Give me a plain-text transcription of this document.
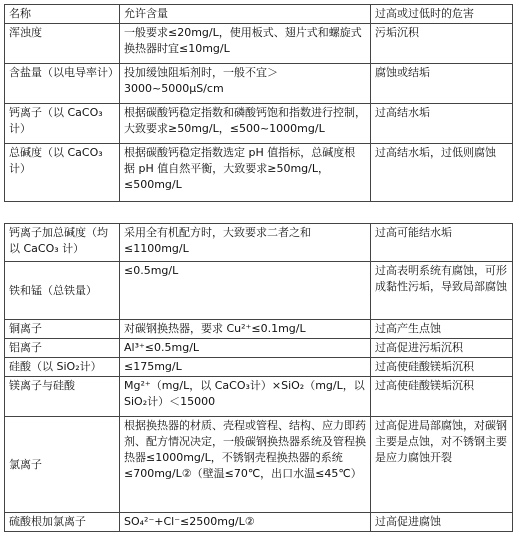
名称	允许含量	过高或过低时的危害
浑浊度	一般要求≤20mg/L，使用板式、翅片式和螺旋式换热器时宜≤10mg/L	污垢沉积
含盐量（以电导率计）	投加缓蚀阻垢剂时，一般不宜＞3000~5000μS/cm	腐蚀或结垢
钙离子（以 CaCO₃计）	根据碳酸钙稳定指数和磷酸钙饱和指数进行控制，大致要求≥50mg/L，≤500~1000mg/L	过高结水垢
总碱度（以 CaCO₃计）	根据碳酸钙稳定指数选定 pH 值指标，总碱度根据 pH 值自然平衡，大致要求≥50mg/L，≤500mg/L	过高结水垢，过低则腐蚀
钙离子加总碱度（均以 CaCO₃ 计）	采用全有机配方时，大致要求二者之和≤1100mg/L	过高可能结水垢
铁和锰（总铁量）	≤0.5mg/L	过高表明系统有腐蚀，可形成黏性污垢，导致局部腐蚀
铜离子	对碳钢换热器，要求 Cu²⁺≤0.1mg/L	过高产生点蚀
铝离子	Al³⁺≤0.5mg/L	过高促进污垢沉积
硅酸（以 SiO₂计）	≤175mg/L	过高使硅酸镁垢沉积
镁离子与硅酸	Mg²⁺（mg/L，以 CaCO₃计）×SiO₂（mg/L，以 SiO₂计）＜15000	过高使硅酸镁垢沉积
氯离子	根据换热器的材质、壳程或管程、结构、应力即药剂、配方情况决定，一般碳钢换热器系统及管程换热器≤1000mg/L，不锈钢壳程换热器的系统≤700mg/L②（壁温≤70℃，出口水温≤45℃）	过高促进局部腐蚀，对碳钢主要是点蚀，对不锈钢主要是应力腐蚀开裂
硫酸根加氯离子	SO₄²⁻+Cl⁻≤2500mg/L②	过高促进腐蚀
